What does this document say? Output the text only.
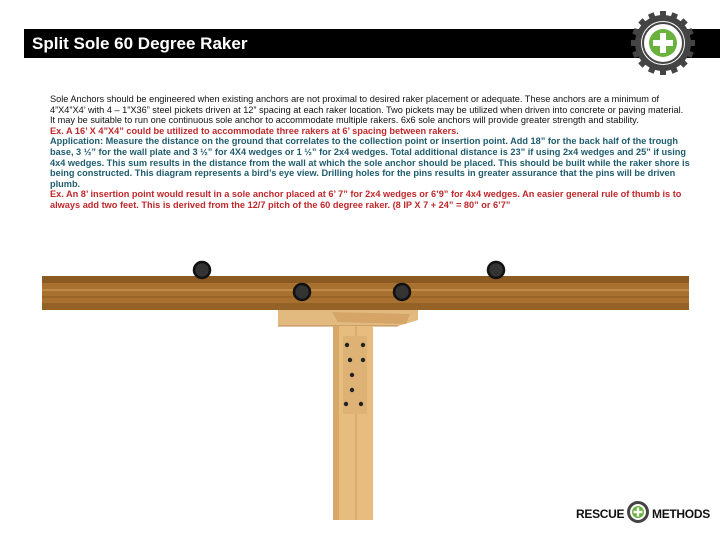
Split Sole 60 Degree Raker

Sole Anchors should be engineered when existing anchors are not proximal to desired raker placement or adequate. These anchors are a minimum of 4”X4”X4’ with 4 – 1”X36” steel pickets driven at 12” spacing at each raker location. Two pickets may be utilized when driven into concrete or paving material. It may be suitable to run one continuous sole anchor to accommodate multiple rakers. 6x6 sole anchors will provide greater strength and stability.

Ex. A 16’ X 4”X4” could be utilized to accommodate three rakers at 6’ spacing between rakers.

Application: Measure the distance on the ground that correlates to the collection point or insertion point. Add 18” for the back half of the trough base, 3 ½” for the wall plate and 3 ½” for 4X4 wedges or 1 ½” for 2x4 wedges. Total additional distance is 23” if using 2x4 wedges and 25” if using 4x4 wedges. This sum results in the distance from the wall at which the sole anchor should be placed. This should be built while the raker shore is being constructed. This diagram represents a bird’s eye view. Drilling holes for the pins results in greater assurance that the pins will be driven plumb.

Ex. An 8’ insertion point would result in a sole anchor placed at 6’ 7” for 2x4 wedges or 6’9” for 4x4 wedges. An easier general rule of thumb is to always add two feet. This is derived from the 12/7 pitch of the 60 degree raker. (8 IP X 7 + 24” = 80” or 6’7”

RESCUE METHODS
